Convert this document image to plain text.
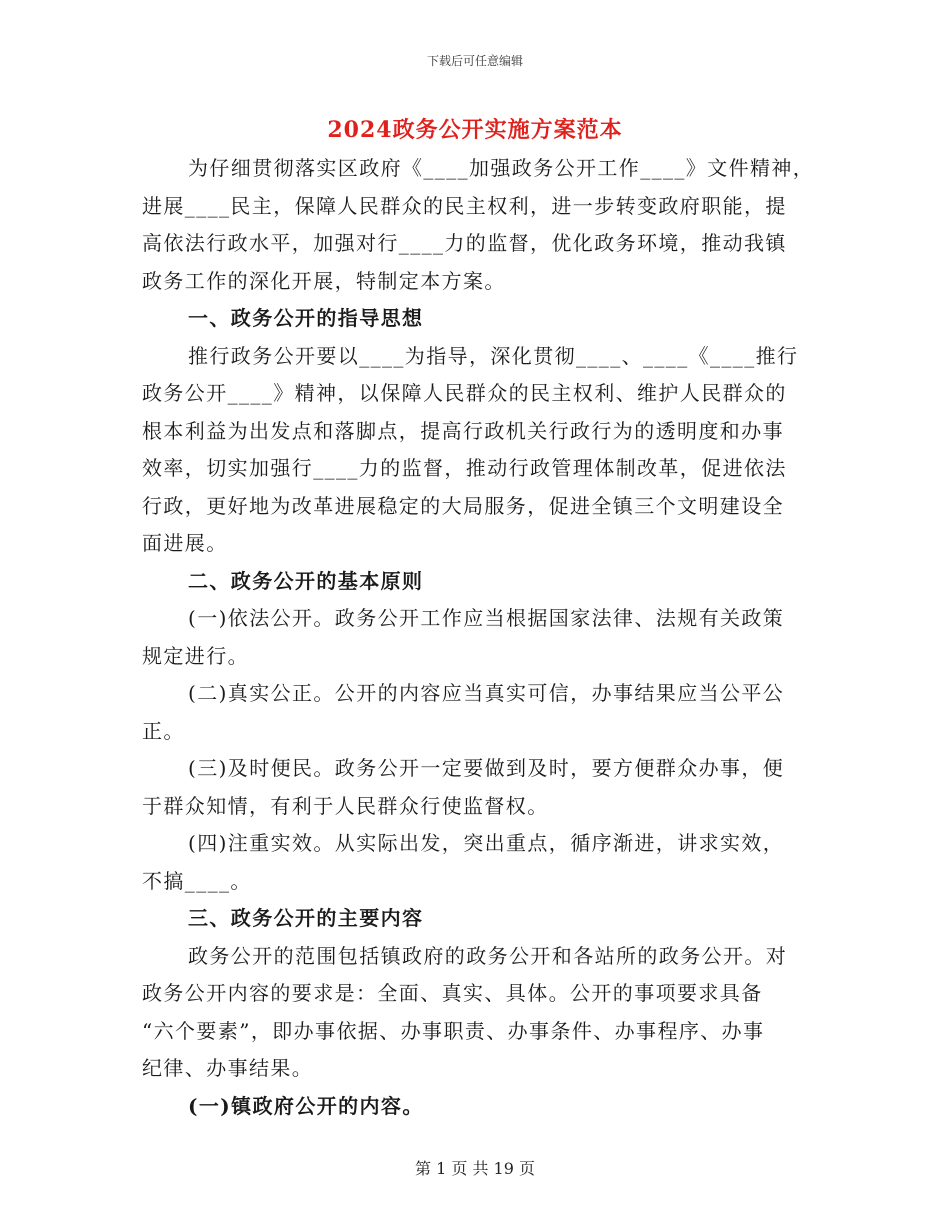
下载后可任意编辑
2024政务公开实施方案范本
为仔细贯彻落实区政府《____加强政务公开工作____》文件精神，
进展____民主，保障人民群众的民主权利，进一步转变政府职能，提
高依法行政水平，加强对行____力的监督，优化政务环境，推动我镇
政务工作的深化开展，特制定本方案。
一、政务公开的指导思想
推行政务公开要以____为指导，深化贯彻____、____《____推行
政务公开____》精神，以保障人民群众的民主权利、维护人民群众的
根本利益为出发点和落脚点，提高行政机关行政行为的透明度和办事
效率，切实加强行____力的监督，推动行政管理体制改革，促进依法
行政，更好地为改革进展稳定的大局服务，促进全镇三个文明建设全
面进展。
二、政务公开的基本原则
(一)依法公开。政务公开工作应当根据国家法律、法规有关政策
规定进行。
(二)真实公正。公开的内容应当真实可信，办事结果应当公平公
正。
(三)及时便民。政务公开一定要做到及时，要方便群众办事，便
于群众知情，有利于人民群众行使监督权。
(四)注重实效。从实际出发，突出重点，循序渐进，讲求实效，
不搞____。
三、政务公开的主要内容
政务公开的范围包括镇政府的政务公开和各站所的政务公开。对
政务公开内容的要求是：全面、真实、具体。公开的事项要求具备
“六个要素”，即办事依据、办事职责、办事条件、办事程序、办事
纪律、办事结果。
(一)镇政府公开的内容。
第 1 页 共 19 页
